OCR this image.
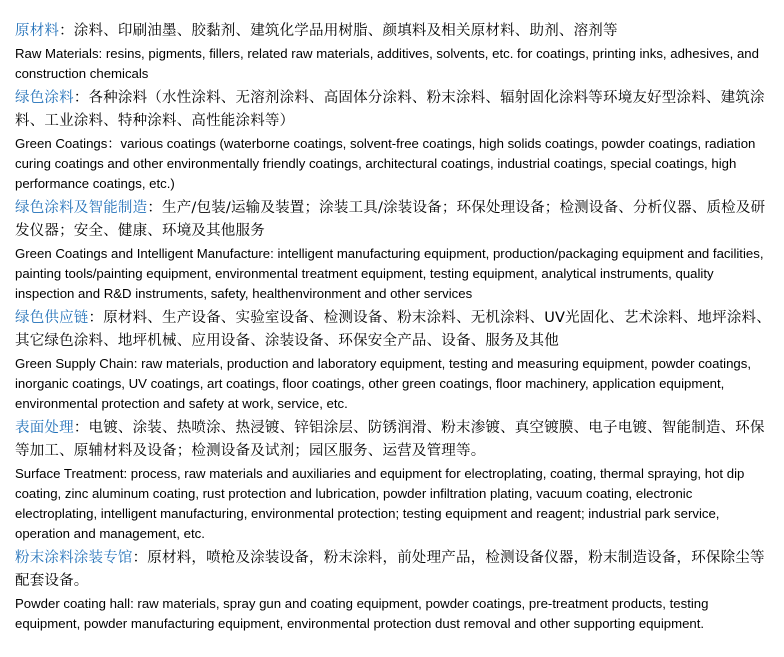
原材料：涂料、印刷油墨、胶黏剂、建筑化学品用树脂、颜填料及相关原材料、助剂、溶剂等

Raw Materials: resins, pigments, fillers, related raw materials, additives, solvents, etc. for coatings, printing inks, adhesives, and construction chemicals

绿色涂料：各种涂料（水性涂料、无溶剂涂料、高固体分涂料、粉末涂料、辐射固化涂料等环境友好型涂料、建筑涂料、工业涂料、特种涂料、高性能涂料等）

Green Coatings：various coatings (waterborne coatings, solvent-free coatings, high solids coatings, powder coatings, radiation curing coatings and other environmentally friendly coatings, architectural coatings, industrial coatings, special coatings, high performance coatings, etc.)

绿色涂料及智能制造：生产/包装/运输及装置；涂装工具/涂装设备；环保处理设备；检测设备、分析仪器、质检及研发仪器；安全、健康、环境及其他服务

Green Coatings and Intelligent Manufacture: intelligent manufacturing equipment, production/packaging equipment and facilities, painting tools/painting equipment, environmental treatment equipment, testing equipment, analytical instruments, quality inspection and R&D instruments, safety, healthenvironment and other services

绿色供应链：原材料、生产设备、实验室设备、检测设备、粉末涂料、无机涂料、UV光固化、艺术涂料、地坪涂料、其它绿色涂料、地坪机械、应用设备、涂装设备、环保安全产品、设备、服务及其他

Green Supply Chain: raw materials, production and laboratory equipment, testing and measuring equipment, powder coatings, inorganic coatings, UV coatings, art coatings, floor coatings, other green coatings, floor machinery, application equipment, environmental protection and safety at work, service, etc.

表面处理：电镀、涂装、热喷涂、热浸镀、锌铝涂层、防锈润滑、粉末渗镀、真空镀膜、电子电镀、智能制造、环保等加工、原辅材料及设备；检测设备及试剂；园区服务、运营及管理等。

Surface Treatment: process, raw materials and auxiliaries and equipment for electroplating, coating, thermal spraying, hot dip coating, zinc aluminum coating, rust protection and lubrication, powder infiltration plating, vacuum coating, electronic electroplating, intelligent manufacturing, environmental protection; testing equipment and reagent; industrial park service, operation and management, etc.

粉末涂料涂装专馆：原材料，喷枪及涂装设备，粉末涂料，前处理产品，检测设备仪器，粉末制造设备，环保除尘等配套设备。

Powder coating hall: raw materials, spray gun and coating equipment, powder coatings, pre-treatment products, testing equipment, powder manufacturing equipment, environmental protection dust removal and other supporting equipment.
